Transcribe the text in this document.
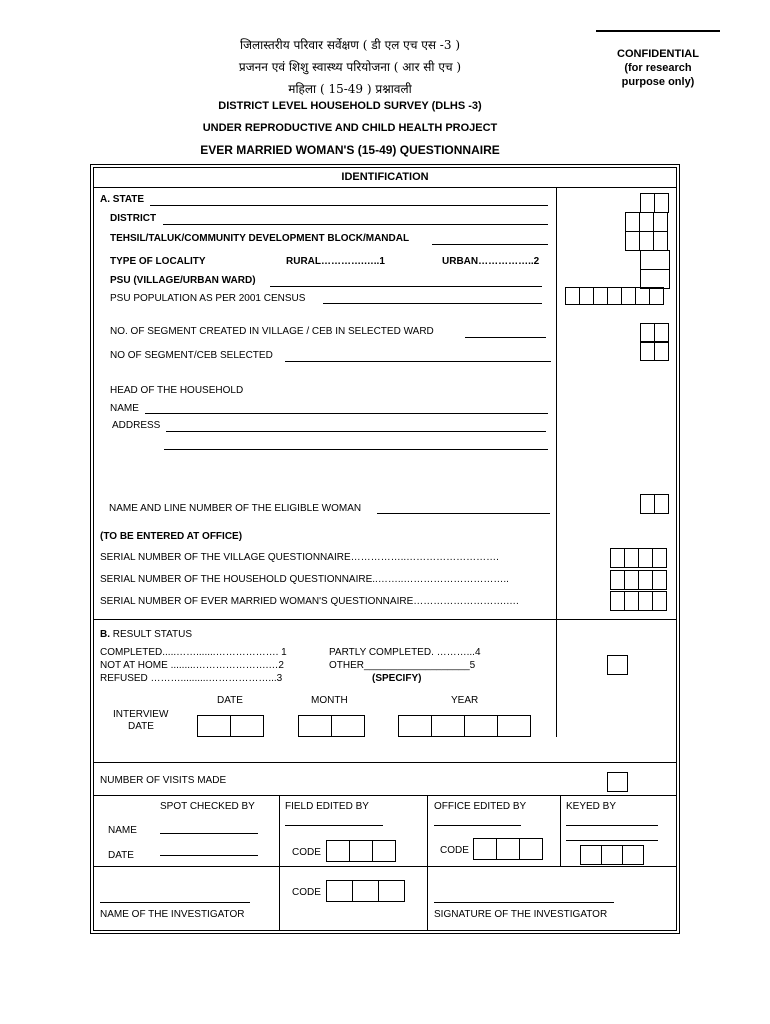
जिलास्तरीय परिवार सर्वेक्षण ( डी एल एच एस -3 )
प्रजनन एवं शिशु स्वास्थ्य परियोजना ( आर सी एच )
महिला ( 15-49 ) प्रश्नावली
DISTRICT LEVEL HOUSEHOLD SURVEY (DLHS -3)
UNDER REPRODUCTIVE AND CHILD HEALTH PROJECT
EVER MARRIED WOMAN'S (15-49) QUESTIONNAIRE
CONFIDENTIAL
(for research
purpose only)
IDENTIFICATION
A. STATE
DISTRICT
TEHSIL/TALUK/COMMUNITY DEVELOPMENT BLOCK/MANDAL
TYPE OF LOCALITY	RURAL………….…..1	URBAN……………..2
PSU (VILLAGE/URBAN WARD)
PSU POPULATION AS PER 2001 CENSUS
NO. OF SEGMENT CREATED IN VILLAGE / CEB IN SELECTED WARD
NO OF SEGMENT/CEB SELECTED
HEAD OF THE HOUSEHOLD
NAME
ADDRESS
NAME AND LINE NUMBER OF THE ELIGIBLE WOMAN
(TO BE ENTERED AT OFFICE)
SERIAL NUMBER OF THE VILLAGE QUESTIONNAIRE……………..……………………….
SERIAL NUMBER OF THE HOUSEHOLD QUESTIONNAIRE..……..…………………………..
SERIAL NUMBER OF EVER MARRIED WOMAN'S QUESTIONNAIRE……………………….….
B. RESULT STATUS
COMPLETED.....…….......………………. 1
NOT AT HOME .........………………….…2
REFUSED ………..........………………...3
PARTLY COMPLETED. ………...4
OTHER___________________5
(SPECIFY)
DATE	MONTH	YEAR
INTERVIEW
DATE
NUMBER OF VISITS MADE
SPOT CHECKED BY	FIELD EDITED BY	OFFICE EDITED BY	KEYED BY
NAME
DATE	CODE	CODE
NAME OF THE INVESTIGATOR
CODE
SIGNATURE OF THE INVESTIGATOR
